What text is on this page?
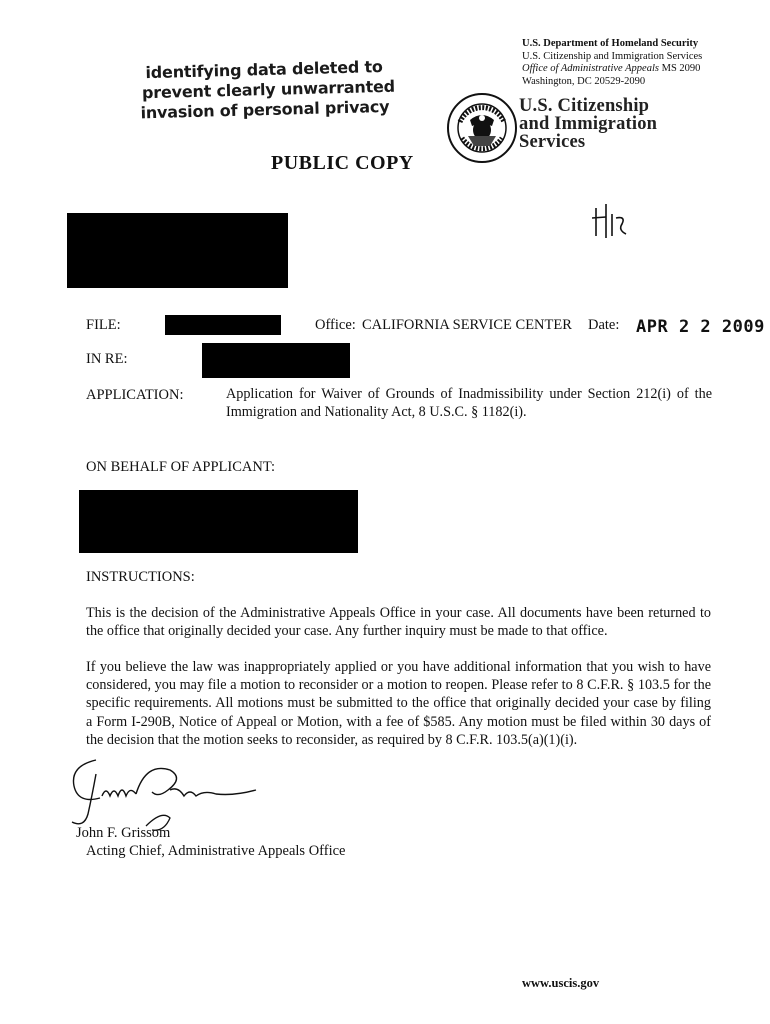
identifying data deleted to
prevent clearly unwarranted
invasion of personal privacy
U.S. Department of Homeland Security
U.S. Citizenship and Immigration Services
Office of Administrative Appeals MS 2090
Washington, DC 20529-2090
U.S. Citizenship
and Immigration
Services
PUBLIC COPY
FILE:	Office: CALIFORNIA SERVICE CENTER Date: APR 2 2 2009
IN RE:
APPLICATION:	Application for Waiver of Grounds of Inadmissibility under Section 212(i) of the Immigration and Nationality Act, 8 U.S.C. § 1182(i).
ON BEHALF OF APPLICANT:
INSTRUCTIONS:
This is the decision of the Administrative Appeals Office in your case. All documents have been returned to the office that originally decided your case. Any further inquiry must be made to that office.
If you believe the law was inappropriately applied or you have additional information that you wish to have considered, you may file a motion to reconsider or a motion to reopen. Please refer to 8 C.F.R. § 103.5 for the specific requirements. All motions must be submitted to the office that originally decided your case by filing a Form I-290B, Notice of Appeal or Motion, with a fee of $585. Any motion must be filed within 30 days of the decision that the motion seeks to reconsider, as required by 8 C.F.R. 103.5(a)(1)(i).
John F. Grissom
Acting Chief, Administrative Appeals Office
www.uscis.gov
